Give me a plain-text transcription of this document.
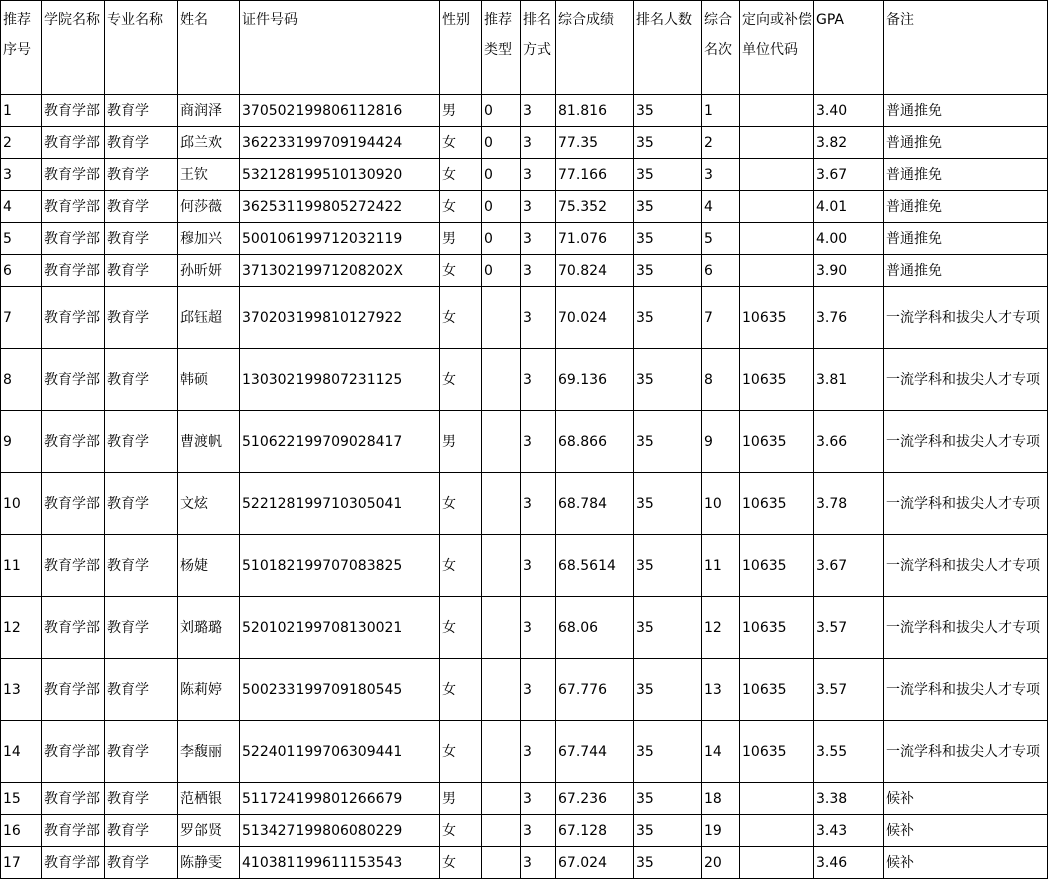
推荐序号	学院名称	专业名称	姓名	证件号码	性别	推荐类型	排名方式	综合成绩	排名人数	综合名次	定向或补偿单位代码	GPA	备注
1	教育学部	教育学	商润泽	370502199806112816	男	0	3	81.816	35	1		3.40	普通推免
2	教育学部	教育学	邱兰欢	362233199709194424	女	0	3	77.35	35	2		3.82	普通推免
3	教育学部	教育学	王钦	532128199510130920	女	0	3	77.166	35	3		3.67	普通推免
4	教育学部	教育学	何莎薇	362531199805272422	女	0	3	75.352	35	4		4.01	普通推免
5	教育学部	教育学	穆加兴	500106199712032119	男	0	3	71.076	35	5		4.00	普通推免
6	教育学部	教育学	孙昕妍	37130219971208202X	女	0	3	70.824	35	6		3.90	普通推免
7	教育学部	教育学	邱钰超	370203199810127922	女		3	70.024	35	7	10635	3.76	一流学科和拔尖人才专项
8	教育学部	教育学	韩硕	130302199807231125	女		3	69.136	35	8	10635	3.81	一流学科和拔尖人才专项
9	教育学部	教育学	曹渡帆	510622199709028417	男		3	68.866	35	9	10635	3.66	一流学科和拔尖人才专项
10	教育学部	教育学	文炫	522128199710305041	女		3	68.784	35	10	10635	3.78	一流学科和拔尖人才专项
11	教育学部	教育学	杨婕	510182199707083825	女		3	68.5614	35	11	10635	3.67	一流学科和拔尖人才专项
12	教育学部	教育学	刘璐璐	520102199708130021	女		3	68.06	35	12	10635	3.57	一流学科和拔尖人才专项
13	教育学部	教育学	陈莉婷	500233199709180545	女		3	67.776	35	13	10635	3.57	一流学科和拔尖人才专项
14	教育学部	教育学	李馥丽	522401199706309441	女		3	67.744	35	14	10635	3.55	一流学科和拔尖人才专项
15	教育学部	教育学	范栖银	511724199801266679	男		3	67.236	35	18		3.38	候补
16	教育学部	教育学	罗郃贤	513427199806080229	女		3	67.128	35	19		3.43	候补
17	教育学部	教育学	陈静雯	410381199611153543	女		3	67.024	35	20		3.46	候补
